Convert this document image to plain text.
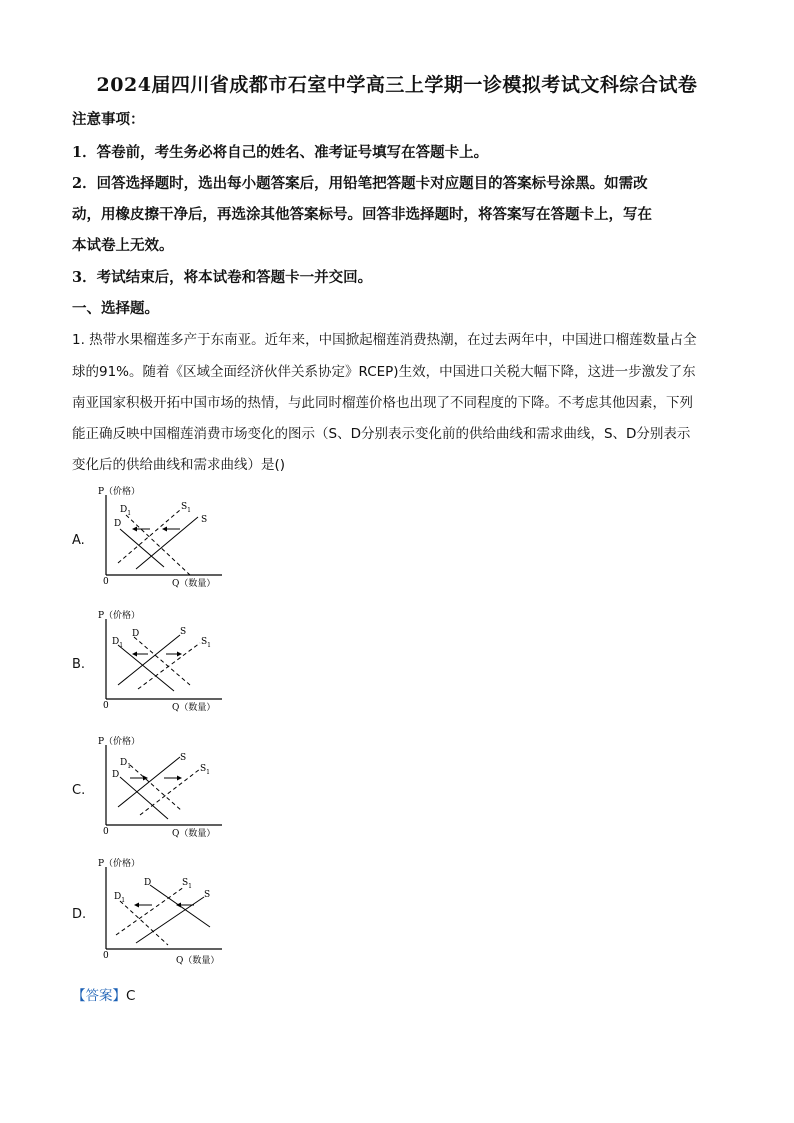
2024届四川省成都市石室中学高三上学期一诊模拟考试文科综合试卷
注意事项：
1．答卷前，考生务必将自己的姓名、准考证号填写在答题卡上。
2．回答选择题时，选出每小题答案后，用铅笔把答题卡对应题目的答案标号涂黑。如需改
动，用橡皮擦干净后，再选涂其他答案标号。回答非选择题时，将答案写在答题卡上，写在
本试卷上无效。
3．考试结束后，将本试卷和答题卡一并交回。
一、选择题。
1. 热带水果榴莲多产于东南亚。近年来，中国掀起榴莲消费热潮，在过去两年中，中国进口榴莲数量占全
球的91%。随着《区域全面经济伙伴关系协定》RCEP)生效，中国进口关税大幅下降，这进一步激发了东
南亚国家积极开拓中国市场的热情，与此同时榴莲价格也出现了不同程度的下降。不考虑其他因素，下列
能正确反映中国榴莲消费市场变化的图示（S、D分别表示变化前的供给曲线和需求曲线，S、D分别表示
变化后的供给曲线和需求曲线）是()
A.
P（价格）
0	Q（数量）
$D_1$
D
$S_1$
S
B.
P（价格）
0	Q（数量）
$D_1$
D	S
$S_1$
C.
P（价格）
0	Q（数量）
$D_1$
D
S
$S_1$
D.
P（价格）
0	Q（数量）
D
$D_1$
$S_1$
S
【答案】C
